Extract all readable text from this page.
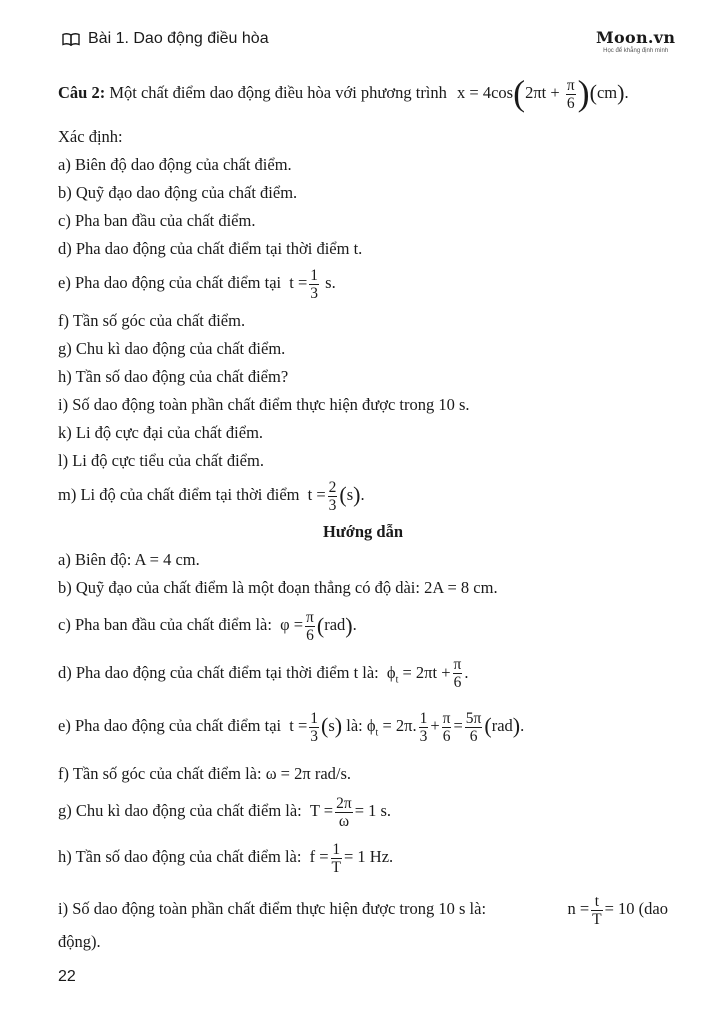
Bài 1. Dao động điều hòa	Moon.vn
Học để khẳng định mình
Câu 2: Một chất điểm dao động điều hòa với phương trình $x = 4\cos(2\pi t + \frac{\pi}{6} )(cm)$.
Xác định:
a) Biên độ dao động của chất điểm.
b) Quỹ đạo dao động của chất điểm.
c) Pha ban đầu của chất điểm.
d) Pha dao động của chất điểm tại thời điểm t.
e) Pha dao động của chất điểm tại $t = \frac{1}{3} s$.
f) Tần số góc của chất điểm.
g) Chu kì dao động của chất điểm.
h) Tần số dao động của chất điểm?
i) Số dao động toàn phần chất điểm thực hiện được trong 10 s.
k) Li độ cực đại của chất điểm.
l) Li độ cực tiểu của chất điểm.
m) Li độ của chất điểm tại thời điểm $t = \frac{2}{3} (s)$.
Hướng dẫn
a) Biên độ: A = 4 cm.
b) Quỹ đạo của chất điểm là một đoạn thẳng có độ dài: 2A = 8 cm.
c) Pha ban đầu của chất điểm là: $\varphi = \frac{\pi}{6} (rad)$.
d) Pha dao động của chất điểm tại thời điểm t là: $\phi_t = 2\pi t + \frac{\pi}{6}$ .
e) Pha dao động của chất điểm tại $t = \frac{1}{3} (s)$ là: $\phi_t = 2\pi$. $\frac{1}{3} + \frac{\pi}{6} = \frac{5\pi}{6} (rad)$.
f) Tần số góc của chất điểm là: ω = 2π rad/s.
g) Chu kì dao động của chất điểm là: $T = \frac{2\pi}{\omega} = 1$ s.
h) Tần số dao động của chất điểm là: $f = \frac{1}{T} = 1$ Hz.
i) Số dao động toàn phần chất điểm thực hiện được trong 10 s là:	$n = \frac{t}{T} = 10$ (dao
động).
22
